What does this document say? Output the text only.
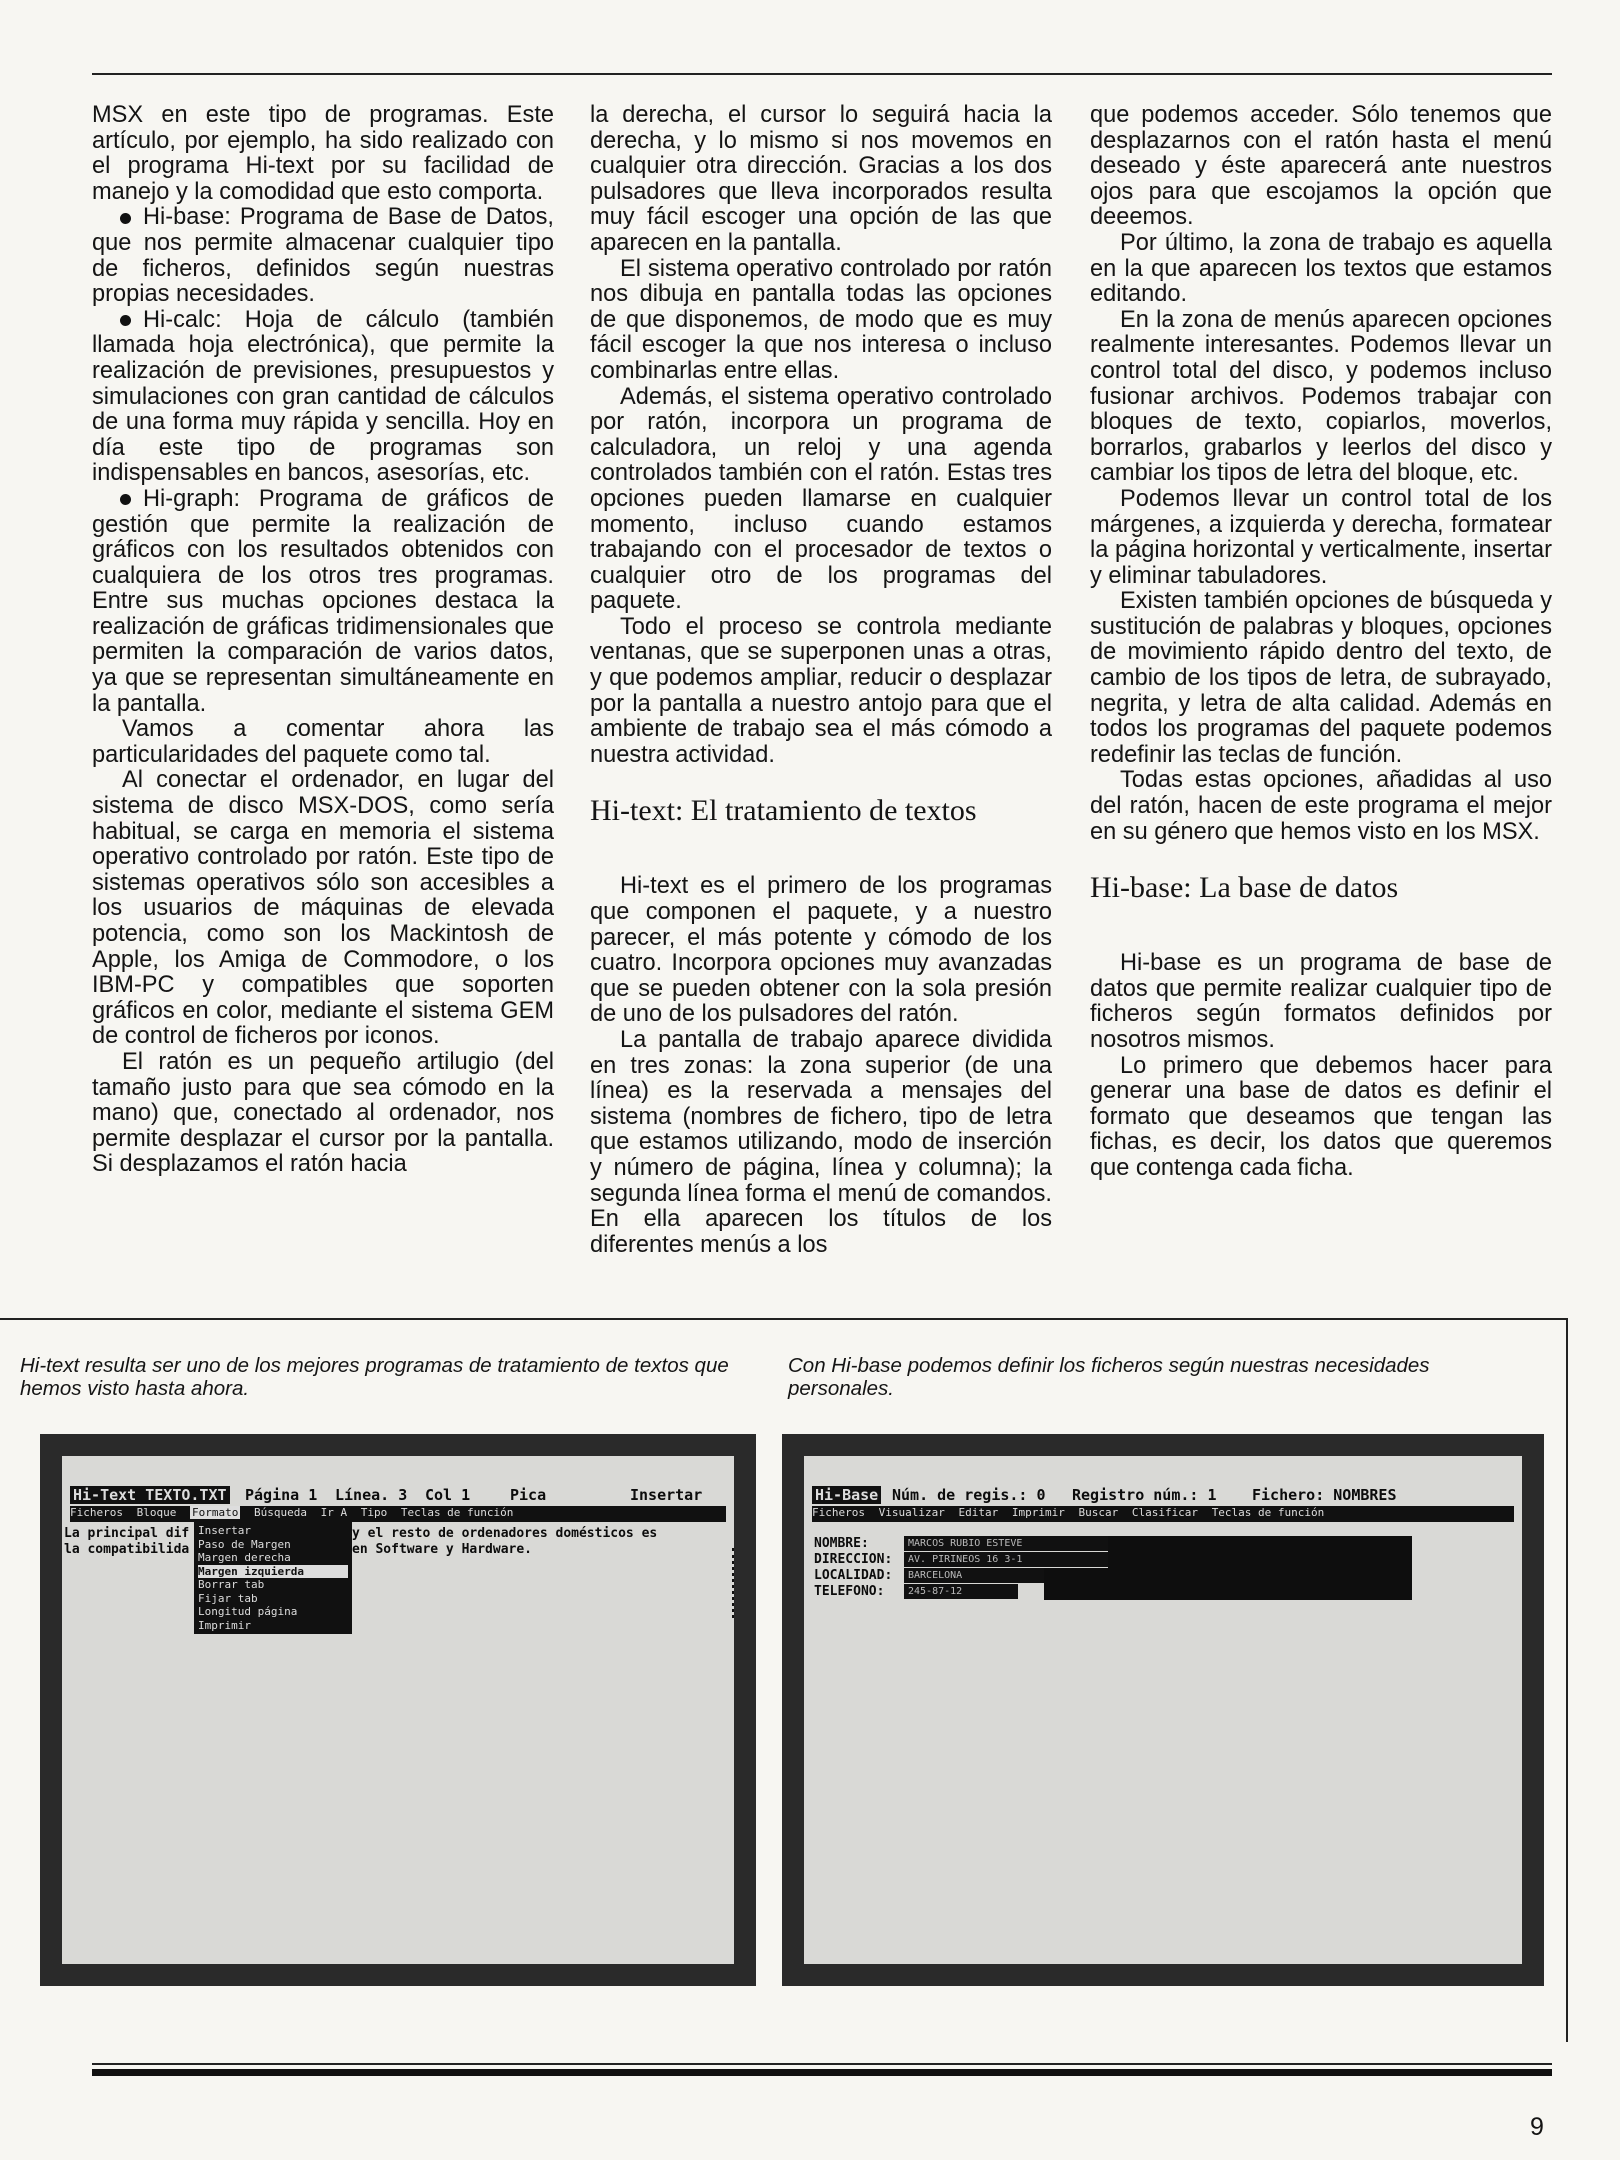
MSX en este tipo de programas. Este artículo, por ejemplo, ha sido realizado con el programa Hi-text por su facilidad de manejo y la comodidad que esto comporta.

Hi-base: Programa de Base de Datos, que nos permite almacenar cualquier tipo de ficheros, definidos según nuestras propias necesidades.

Hi-calc: Hoja de cálculo (también llamada hoja electrónica), que permite la realización de previsiones, presupuestos y simulaciones con gran cantidad de cálculos de una forma muy rápida y sencilla. Hoy en día este tipo de programas son indispensables en bancos, asesorías, etc.

Hi-graph: Programa de gráficos de gestión que permite la realización de gráficos con los resultados obtenidos con cualquiera de los otros tres programas. Entre sus muchas opciones destaca la realización de gráficas tridimensionales que permiten la comparación de varios datos, ya que se representan simultáneamente en la pantalla.

Vamos a comentar ahora las particularidades del paquete como tal.

Al conectar el ordenador, en lugar del sistema de disco MSX-DOS, como sería habitual, se carga en memoria el sistema operativo controlado por ratón. Este tipo de sistemas operativos sólo son accesibles a los usuarios de máquinas de elevada potencia, como son los Mackintosh de Apple, los Amiga de Commodore, o los IBM-PC y compatibles que soporten gráficos en color, mediante el sistema GEM de control de ficheros por iconos.

El ratón es un pequeño artilugio (del tamaño justo para que sea cómodo en la mano) que, conectado al ordenador, nos permite desplazar el cursor por la pantalla. Si desplazamos el ratón hacia

la derecha, el cursor lo seguirá hacia la derecha, y lo mismo si nos movemos en cualquier otra dirección. Gracias a los dos pulsadores que lleva incorporados resulta muy fácil escoger una opción de las que aparecen en la pantalla.

El sistema operativo controlado por ratón nos dibuja en pantalla todas las opciones de que disponemos, de modo que es muy fácil escoger la que nos interesa o incluso combinarlas entre ellas.

Además, el sistema operativo controlado por ratón, incorpora un programa de calculadora, un reloj y una agenda controlados también con el ratón. Estas tres opciones pueden llamarse en cualquier momento, incluso cuando estamos trabajando con el procesador de textos o cualquier otro de los programas del paquete.

Todo el proceso se controla mediante ventanas, que se superponen unas a otras, y que podemos ampliar, reducir o desplazar por la pantalla a nuestro antojo para que el ambiente de trabajo sea el más cómodo a nuestra actividad.

Hi-text: El tratamiento de textos

Hi-text es el primero de los programas que componen el paquete, y a nuestro parecer, el más potente y cómodo de los cuatro. Incorpora opciones muy avanzadas que se pueden obtener con la sola presión de uno de los pulsadores del ratón.

La pantalla de trabajo aparece dividida en tres zonas: la zona superior (de una línea) es la reservada a mensajes del sistema (nombres de fichero, tipo de letra que estamos utilizando, modo de inserción y número de página, línea y columna); la segunda línea forma el menú de comandos. En ella aparecen los títulos de los diferentes menús a los

que podemos acceder. Sólo tenemos que desplazarnos con el ratón hasta el menú deseado y éste aparecerá ante nuestros ojos para que escojamos la opción que deeemos.

Por último, la zona de trabajo es aquella en la que aparecen los textos que estamos editando.

En la zona de menús aparecen opciones realmente interesantes. Podemos llevar un control total del disco, y podemos incluso fusionar archivos. Podemos trabajar con bloques de texto, copiarlos, moverlos, borrarlos, grabarlos y leerlos del disco y cambiar los tipos de letra del bloque, etc.

Podemos llevar un control total de los márgenes, a izquierda y derecha, formatear la página horizontal y verticalmente, insertar y eliminar tabuladores.

Existen también opciones de búsqueda y sustitución de palabras y bloques, opciones de movimiento rápido dentro del texto, de cambio de los tipos de letra, de subrayado, negrita, y letra de alta calidad. Además en todos los programas del paquete podemos redefinir las teclas de función.

Todas estas opciones, añadidas al uso del ratón, hacen de este programa el mejor en su género que hemos visto en los MSX.

Hi-base: La base de datos

Hi-base es un programa de base de datos que permite realizar cualquier tipo de ficheros según formatos definidos por nosotros mismos.

Lo primero que debemos hacer para generar una base de datos es definir el formato que deseamos que tengan las fichas, es decir, los datos que queremos que contenga cada ficha.

Hi-text resulta ser uno de los mejores programas de tratamiento de textos que hemos visto hasta ahora.
Con Hi-base podemos definir los ficheros según nuestras necesidades personales.
Hi-Text TEXTO.TXT Página 1 Línea. 3 Col 1	Pica	Insertar
Ficheros Bloque Formato Búsqueda Ir A Tipo Teclas de función
Insertar
Paso de Margen
Margen derecha
Margen izquierda
Borrar tab
Fijar tab
Longitud página
Imprimir
La principal dif
la compatibilida
y el resto de ordenadores domésticos es
en Software y Hardware.
Hi-Base Núm. de regis.: 0 Registro núm.: 1 Fichero: NOMBRES
Ficheros Visualizar Editar Imprimir Buscar Clasificar Teclas de función
NOMBRE:
DIRECCION:
LOCALIDAD:
TELEFONO:
MARCOS RUBIO ESTEVE
AV. PIRINEOS 16 3-1
BARCELONA
245-87-12
9
